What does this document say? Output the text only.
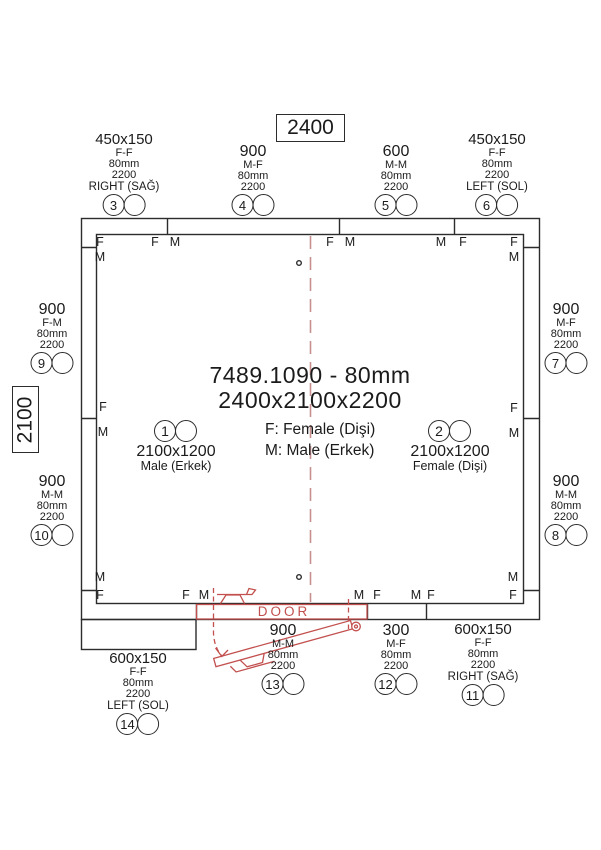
2400
2100
7489.1090 - 80mm
2400x2100x2200
F: Female (Dişi)
M: Male (Erkek)
1
2100x1200
Male (Erkek)
2
2100x1200
Female (Dişi)
DOOR
450x150
F-F
80mm
2200
RIGHT (SAĞ)
3
900
M-F
80mm
2200
4
600
M-M
80mm
2200
5
450x150
F-F
80mm
2200
LEFT (SOL)
6
900
M-F
80mm
2200
7
900
M-M
80mm
2200
8
900
F-M
80mm
2200
9
900
M-M
80mm
2200
10
600x150
F-F
80mm
2200
RIGHT (SAĞ)
11
300
M-F
80mm
2200
12
900
M-M
80mm
2200
13
600x150
F-F
80mm
2200
LEFT (SOL)
14
F	F M	F M	M F	F
M	M
F
M
F
M
M	M
F	F M	M F M F	F
